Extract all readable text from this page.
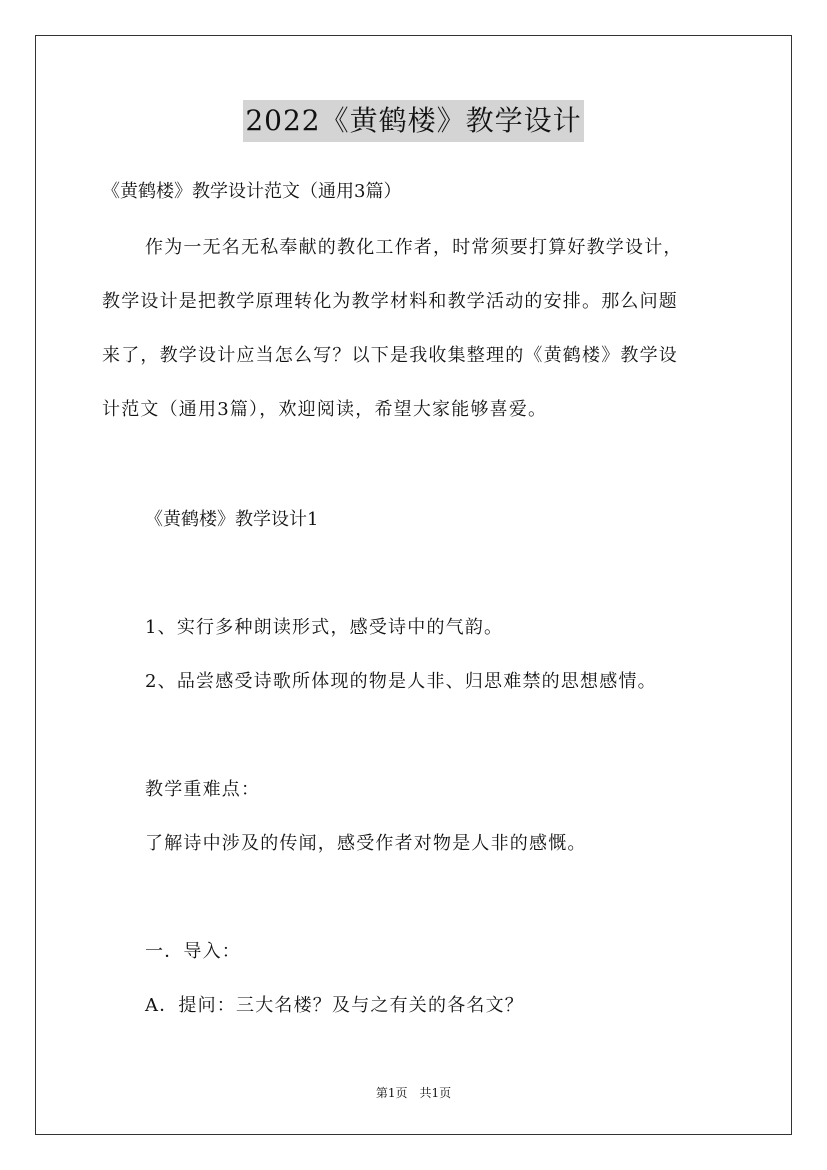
2022《黄鹤楼》教学设计
《黄鹤楼》教学设计范文（通用3篇）
作为一无名无私奉献的教化工作者，时常须要打算好教学设计，
教学设计是把教学原理转化为教学材料和教学活动的安排。那么问题
来了，教学设计应当怎么写？以下是我收集整理的《黄鹤楼》教学设
计范文（通用3篇），欢迎阅读，希望大家能够喜爱。
《黄鹤楼》教学设计1
1、实行多种朗读形式，感受诗中的气韵。
2、品尝感受诗歌所体现的物是人非、归思难禁的思想感情。
教学重难点：
了解诗中涉及的传闻，感受作者对物是人非的感慨。
一．导入：
A．提问：三大名楼？及与之有关的各名文？
第1页　共1页
